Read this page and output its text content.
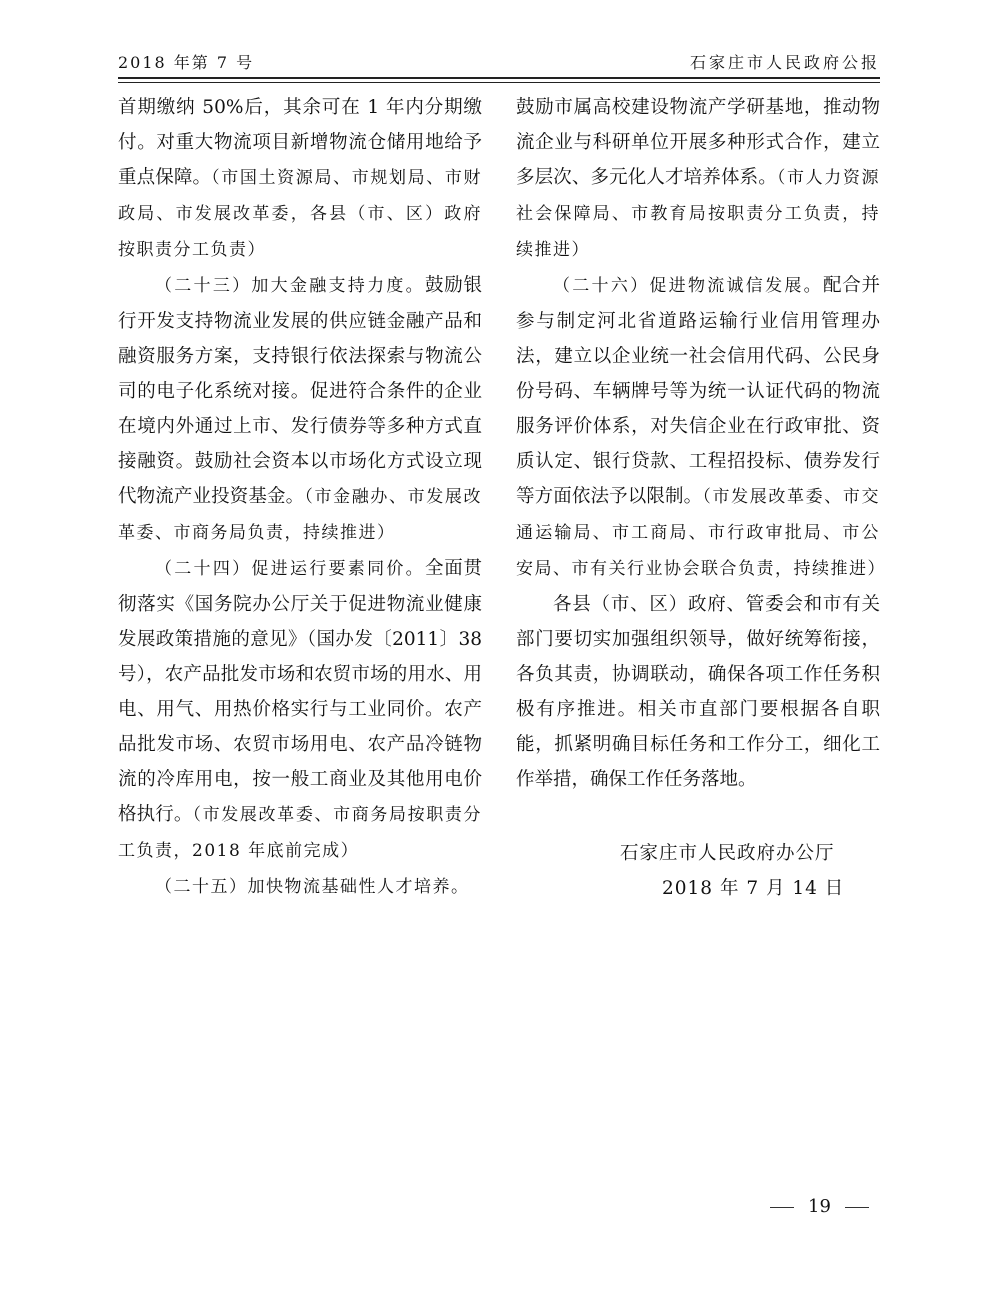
2018 年第 7 号	石家庄市人民政府公报

首期缴纳 50%后，其余可在 1 年内分期缴付。对重大物流项目新增物流仓储用地给予重点保障。（市国土资源局、市规划局、市财政局、市发展改革委，各县（市、区）政府按职责分工负责）

（二十三）加大金融支持力度。鼓励银行开发支持物流业发展的供应链金融产品和融资服务方案，支持银行依法探索与物流公司的电子化系统对接。促进符合条件的企业在境内外通过上市、发行债券等多种方式直接融资。鼓励社会资本以市场化方式设立现代物流产业投资基金。（市金融办、市发展改革委、市商务局负责，持续推进）

（二十四）促进运行要素同价。全面贯彻落实《国务院办公厅关于促进物流业健康发展政策措施的意见》（国办发〔2011〕38 号），农产品批发市场和农贸市场的用水、用电、用气、用热价格实行与工业同价。农产品批发市场、农贸市场用电、农产品冷链物流的冷库用电，按一般工商业及其他用电价格执行。（市发展改革委、市商务局按职责分工负责，2018 年底前完成）

（二十五）加快物流基础性人才培养。

鼓励市属高校建设物流产学研基地，推动物流企业与科研单位开展多种形式合作，建立多层次、多元化人才培养体系。（市人力资源社会保障局、市教育局按职责分工负责，持续推进）

（二十六）促进物流诚信发展。配合并参与制定河北省道路运输行业信用管理办法，建立以企业统一社会信用代码、公民身份号码、车辆牌号等为统一认证代码的物流服务评价体系，对失信企业在行政审批、资质认定、银行贷款、工程招投标、债券发行等方面依法予以限制。（市发展改革委、市交通运输局、市工商局、市行政审批局、市公安局、市有关行业协会联合负责，持续推进）

各县（市、区）政府、管委会和市有关部门要切实加强组织领导，做好统筹衔接，各负其责，协调联动，确保各项工作任务积极有序推进。相关市直部门要根据各自职能，抓紧明确目标任务和工作分工，细化工作举措，确保工作任务落地。

石家庄市人民政府办公厅
2018 年 7 月 14 日
19
